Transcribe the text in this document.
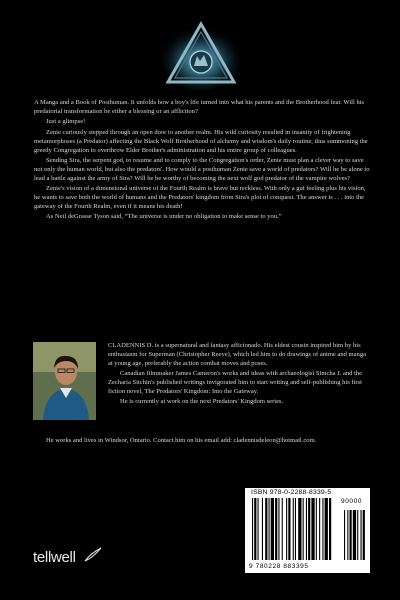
A Manga and a Book of Posthuman. It unfolds how a boy's life turned into what his parents and the Brotherhood fear. Will his predatorial transformation be either a blessing or an affliction?

Just a glimpse!

Zenie curiously stepped through an open door to another realm. His wild curiosity resulted in insanity of frightening metamorphoses (a Predator) affecting the Black Wolf Brotherhood of alchemy and wisdom's daily routine, thus summoning the greedy Congregation to overthrow Elder Brother's administration and his entire group of colleagues.

Sending Sira, the serpent god, to resume and to comply to the Congregation's order, Zenie must plan a clever way to save not only the human world, but also the predators'. How would a posthuman Zenie save a world of predators? Will he be alone to lead a battle against the army of Sira? Will he be worthy of becoming the next wolf god predator of the vampire wolves?

Zenie's vision of a dimensional universe of the Fourth Realm is brave but reckless. With only a gut feeling plus his vision, he wants to save both the world of humans and the Predators' kingdom from Sira's plot of conquest. The answer is . . . into the gateway of the Fourth Realm, even if it means his death!

As Neil deGrasse Tyson said, “The universe is under no obligation to make sense to you.”

CLADENNIS D. is a supernatural and fantasy afficionado. His eldest cousin inspired him by his enthusiasm for Superman (Christopher Reeve), which led him to do drawings of anime and manga at young age, preferably the action combat moves and poses.

Canadian filmmaker James Cameron's works and ideas with archaeologist Simcha J. and the Zecharia Sitchin's published writings invigorated him to start writing and self-publishing his first fiction novel, The Predators' Kingdom: Into the Gateway.

He is currently at work on the next Predators' Kingdom series.

He works and lives in Windsor, Ontario. Contact him on his email add: cladennisdeleon@hotmail.com.

tellwell
ISBN 978-0-2288-8339-5
90000
9 780228 883395
